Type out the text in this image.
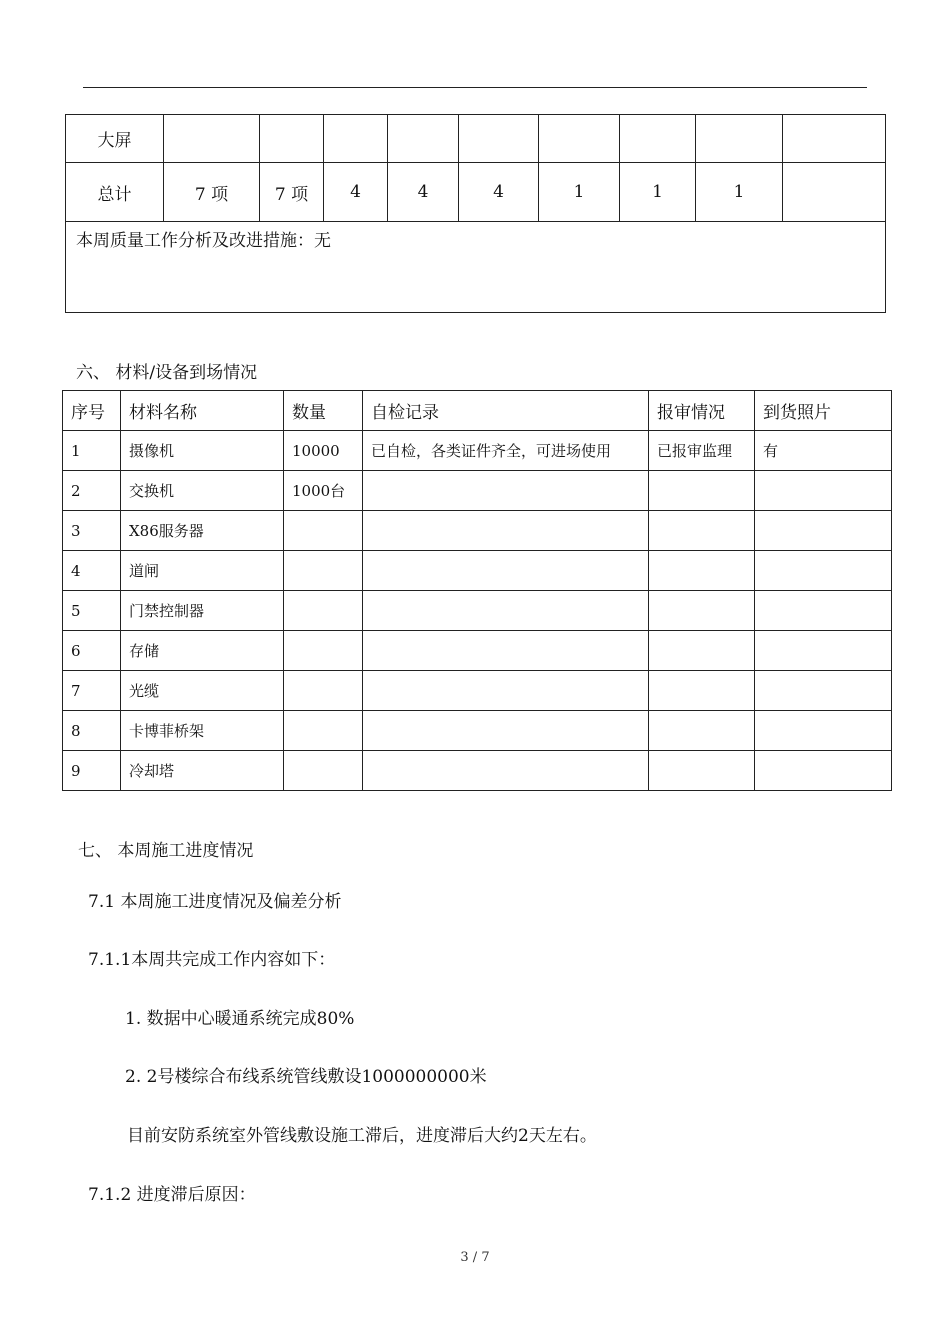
大屏									
总计	7 项	7 项	4	4	4	1	1	1	
本周质量工作分析及改进措施：无									
六、 材料/设备到场情况
序号	材料名称	数量	自检记录	报审情况	到货照片
1	摄像机	10000	已自检，各类证件齐全，可进场使用	已报审监理	有
2	交换机	1000台			
3	X86服务器				
4	道闸				
5	门禁控制器				
6	存储				
7	光缆				
8	卡博菲桥架				
9	冷却塔				
七、 本周施工进度情况
7.1 本周施工进度情况及偏差分析
7.1.1本周共完成工作内容如下：
1. 数据中心暖通系统完成80%
2. 2号楼综合布线系统管线敷设1000000000米
目前安防系统室外管线敷设施工滞后，进度滞后大约2天左右。
7.1.2 进度滞后原因：
3 / 7
